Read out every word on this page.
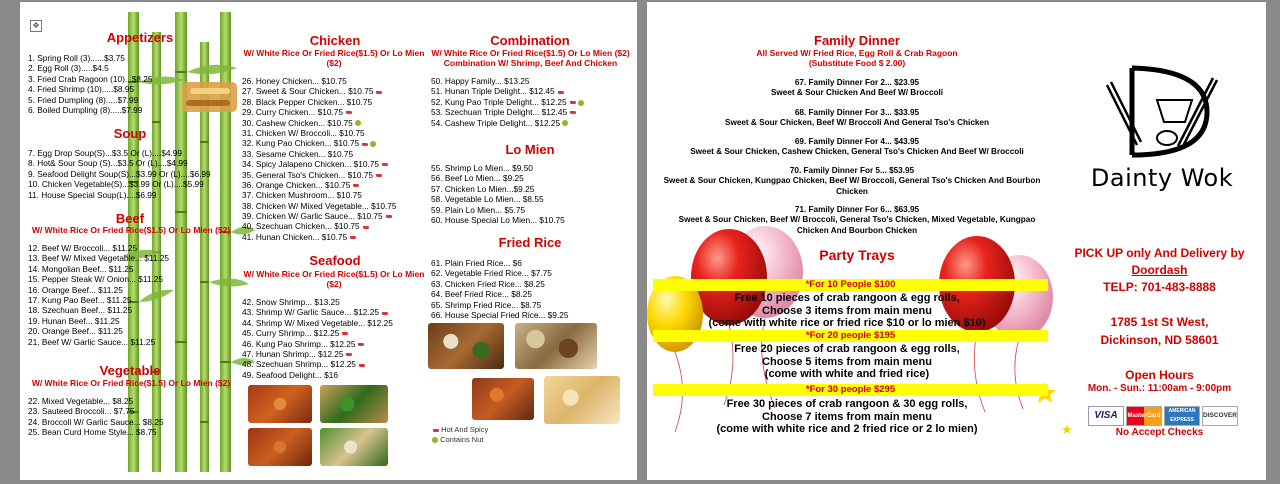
✥
Appetizers
1. Spring Roll (3)......$3.75
2. Egg Roll (3).....$4.5
3. Fried Crab Ragoon (10)...$8.25
4. Fried Shrimp (10).....$8.95
5. Fried Dumpling (8).....$7.99
6. Boiled Dumpling (8).....$7.99
Soup
7. Egg Drop Soup(S)...$3.5 Or (L)....$4.99
8. Hot& Sour Soup (S)...$3.5 Or (L)....$4.99
9. Seafood Delight Soup(S)...$3.99 Or (L)....$6.99
10. Chicken Vegetable(S)...$3.99 Or (L)....$5.99
11. House Special Soup(L)....$6.99
Beef
W/ White Rice Or Fried Rice($1.5) Or Lo Mien ($2)
12. Beef W/ Broccoli... $11.25
13. Beef W/ Mixed Vegetable... $11.25
14. Mongolian Beef... $11.25
15. Pepper Steak W/ Onion... $11.25
16. Orange Beef... $11.25
17. Kung Pao Beef... $11.25
18. Szechuan Beef... $11.25
19. Hunan Beef... $11.25
20. Orange Beef... $11.25
21. Beef W/ Garlic Sauce... $11.25
Vegetable
W/ White Rice Or Fried Rice($1.5) Or Lo Mien ($2)
22. Mixed Vegetable... $8.25
23. Sauteed Broccoli... $7.75
24. Broccoli W/ Garlic Sauce... $8.25
25. Bean Curd Home Style... $8.75
Chicken
W/ White Rice Or Fried Rice($1.5) Or Lo Mien ($2)
26. Honey Chicken... $10.75
27. Sweet & Sour Chicken... $10.75
28. Black Pepper Chicken... $10.75
29. Curry Chicken... $10.75
30. Cashew Chicken... $10.75
31. Chicken W/ Broccoli... $10.75
32. Kung Pao Chicken... $10.75
33. Sesame Chicken... $10.75
34. Spicy Jalapeno Chicken... $10.75
35. General Tso's Chicken... $10.75
36. Orange Chicken... $10.75
37. Chicken Mushroom... $10.75
38. Chicken W/ Mixed Vegetable... $10.75
39. Chicken W/ Garlic Sauce... $10.75
40. Szechuan Chicken... $10.75
41. Hunan Chicken... $10.75
Seafood
W/ White Rice Or Fried Rice($1.5) Or Lo Mien ($2)
42. Snow Shrimp... $13.25
43. Shrimp W/ Garlic Sauce... $12.25
44. Shrimp W/ Mixed Vegetable... $12.25
45. Curry Shrimp... $12.25
46. Kung Pao Shrimp... $12.25
47. Hunan Shrimp... $12.25
48. Szechuan Shrimp... $12.25
49. Seafood Delight... $16
Combination
W/ White Rice Or Fried Rice($1.5) Or Lo Mien ($2) Combination W/ Shrimp, Beef And Chicken
50. Happy Family... $13.25
51. Hunan Triple Delight... $12.45
52. Kung Pao Triple Delight... $12.25
53. Szechuan Triple Delight... $12.45
54. Cashew Triple Delight... $12.25
Lo Mien
55. Shrimp Lo Mien... $9.50
56. Beef Lo Mien... $9.25
57. Chicken Lo Mien...$9.25
58. Vegetable Lo Mien... $8.55
59. Plain Lo Mien... $5.75
60. House Special Lo Mien... $10.75
Fried Rice
61. Plain Fried Rice... $6
62. Vegetable Fried Rice... $7.75
63. Chicken Fried Rice... $8.25
64. Beef Fried Rice... $8.25
65. Shrimp Fried Rice... $8.75
66. House Special Fried Rice... $9.25
Hot And Spicy
Contains Nut
Family Dinner
All Served W/ Fried Rice, Egg Roll & Crab Ragoon
(Substitute Food $ 2.00)
67. Family Dinner For 2... $23.95
Sweet & Sour Chicken And Beef W/ Broccoli
68. Family Dinner For 3... $33.95
Sweet & Sour Chicken, Beef W/ Broccoli And General Tso's Chicken
69. Family Dinner For 4... $43.95
Sweet & Sour Chicken, Cashew Chicken, General Tso's Chicken And Beef W/ Broccoli
70. Family Dinner For 5... $53.95
Sweet & Sour Chicken, Kungpao Chicken, Beef W/ Broccoli, General Tso's Chicken And Bourbon Chicken
71. Family Dinner For 6... $63.95
Sweet & Sour Chicken, Beef W/ Broccoli, General Tso's Chicken, Mixed Vegetable, Kungpao Chicken And Bourbon Chicken
Party Trays
*For 10 People $100
Free 10 pieces of crab rangoon & egg rolls,
Choose 3 items from main menu
(come with white rice or fried rice $10 or lo mien $10)
*For 20 people $195
Free 20 pieces of crab rangoon & egg rolls,
Choose 5 items from main menu
(come with white and fried rice)
*For 30 people $295
Free 30 pieces of crab rangoon & 30 egg rolls,
Choose 7 items from main menu
(come with white rice and 2 fried rice or 2 lo mien)
Dainty Wok
PICK UP only And Delivery by
Doordash
TELP: 701-483-8888
1785 1st St West,
Dickinson, ND 58601
Open Hours
Mon. - Sun.: 11:00am - 9:00pm
VISA	MasterCard
AMERICAN EXPRESS
DISCOVER
★	No Accept Checks
